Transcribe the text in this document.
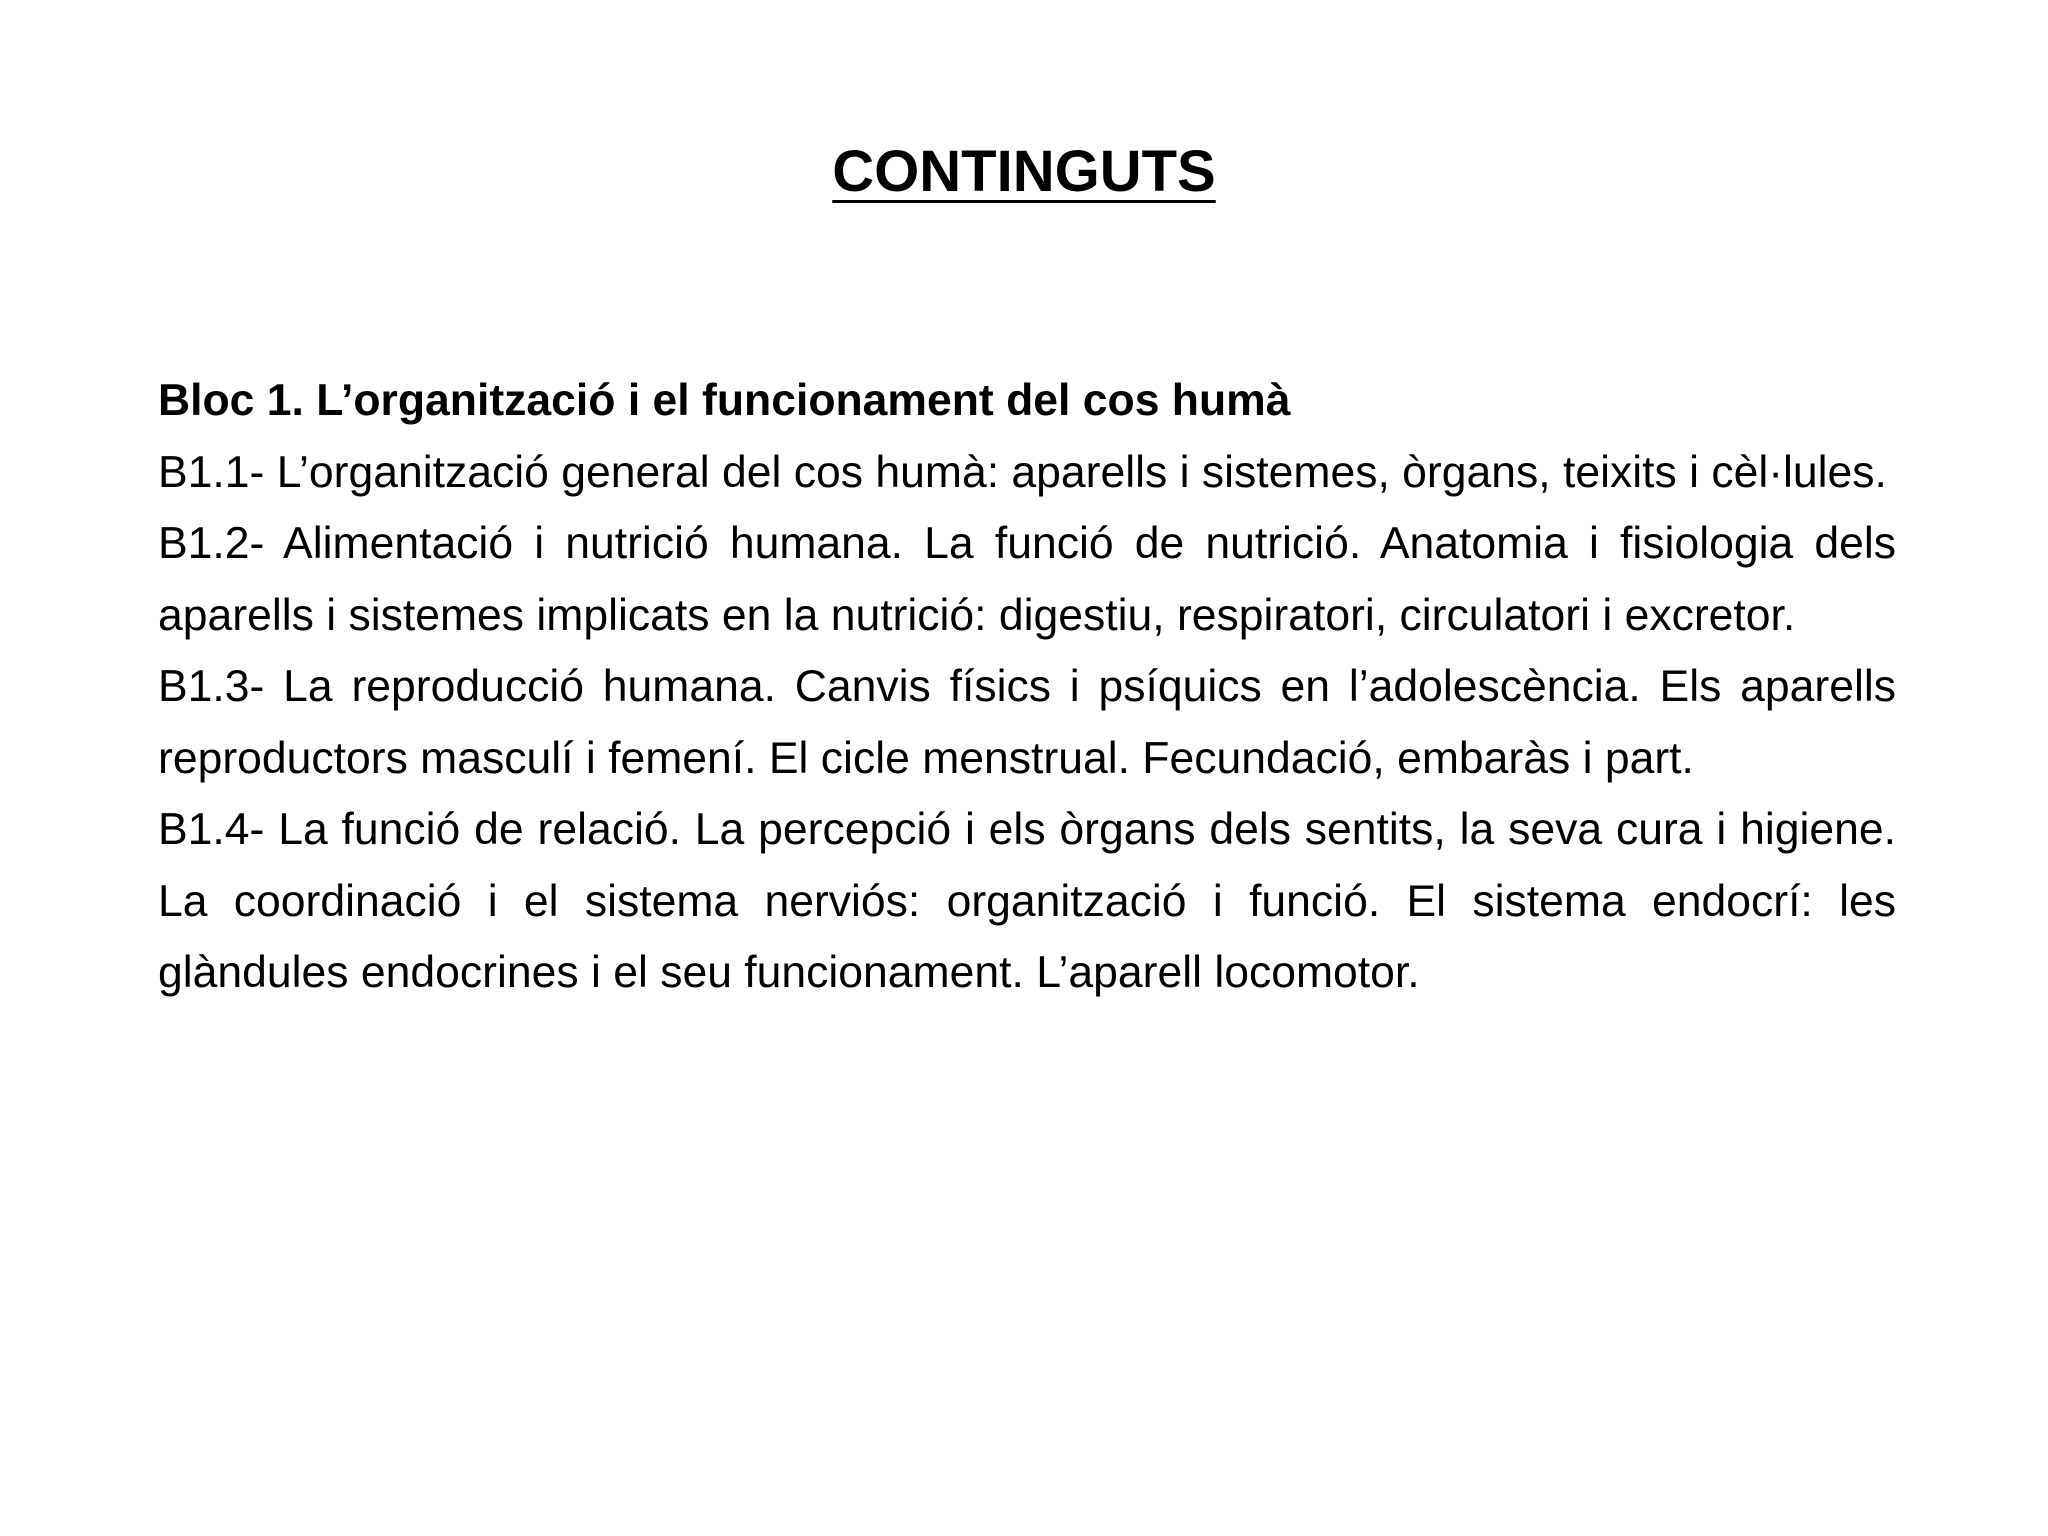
CONTINGUTS

Bloc 1. L’organització i el funcionament del cos humà

B1.1- L’organització general del cos humà: aparells i sistemes, òrgans, teixits i cèl·lules.

B1.2- Alimentació i nutrició humana. La funció de nutrició. Anatomia i fisiologia dels aparells i sistemes implicats en la nutrició: digestiu, respiratori, circulatori i excretor.

B1.3- La reproducció humana. Canvis físics i psíquics en l’adolescència. Els aparells reproductors masculí i femení. El cicle menstrual. Fecundació, embaràs i part.

B1.4- La funció de relació. La percepció i els òrgans dels sentits, la seva cura i higiene. La coordinació i el sistema nerviós: organització i funció. El sistema endocrí: les glàndules endocrines i el seu funcionament. L’aparell locomotor.
